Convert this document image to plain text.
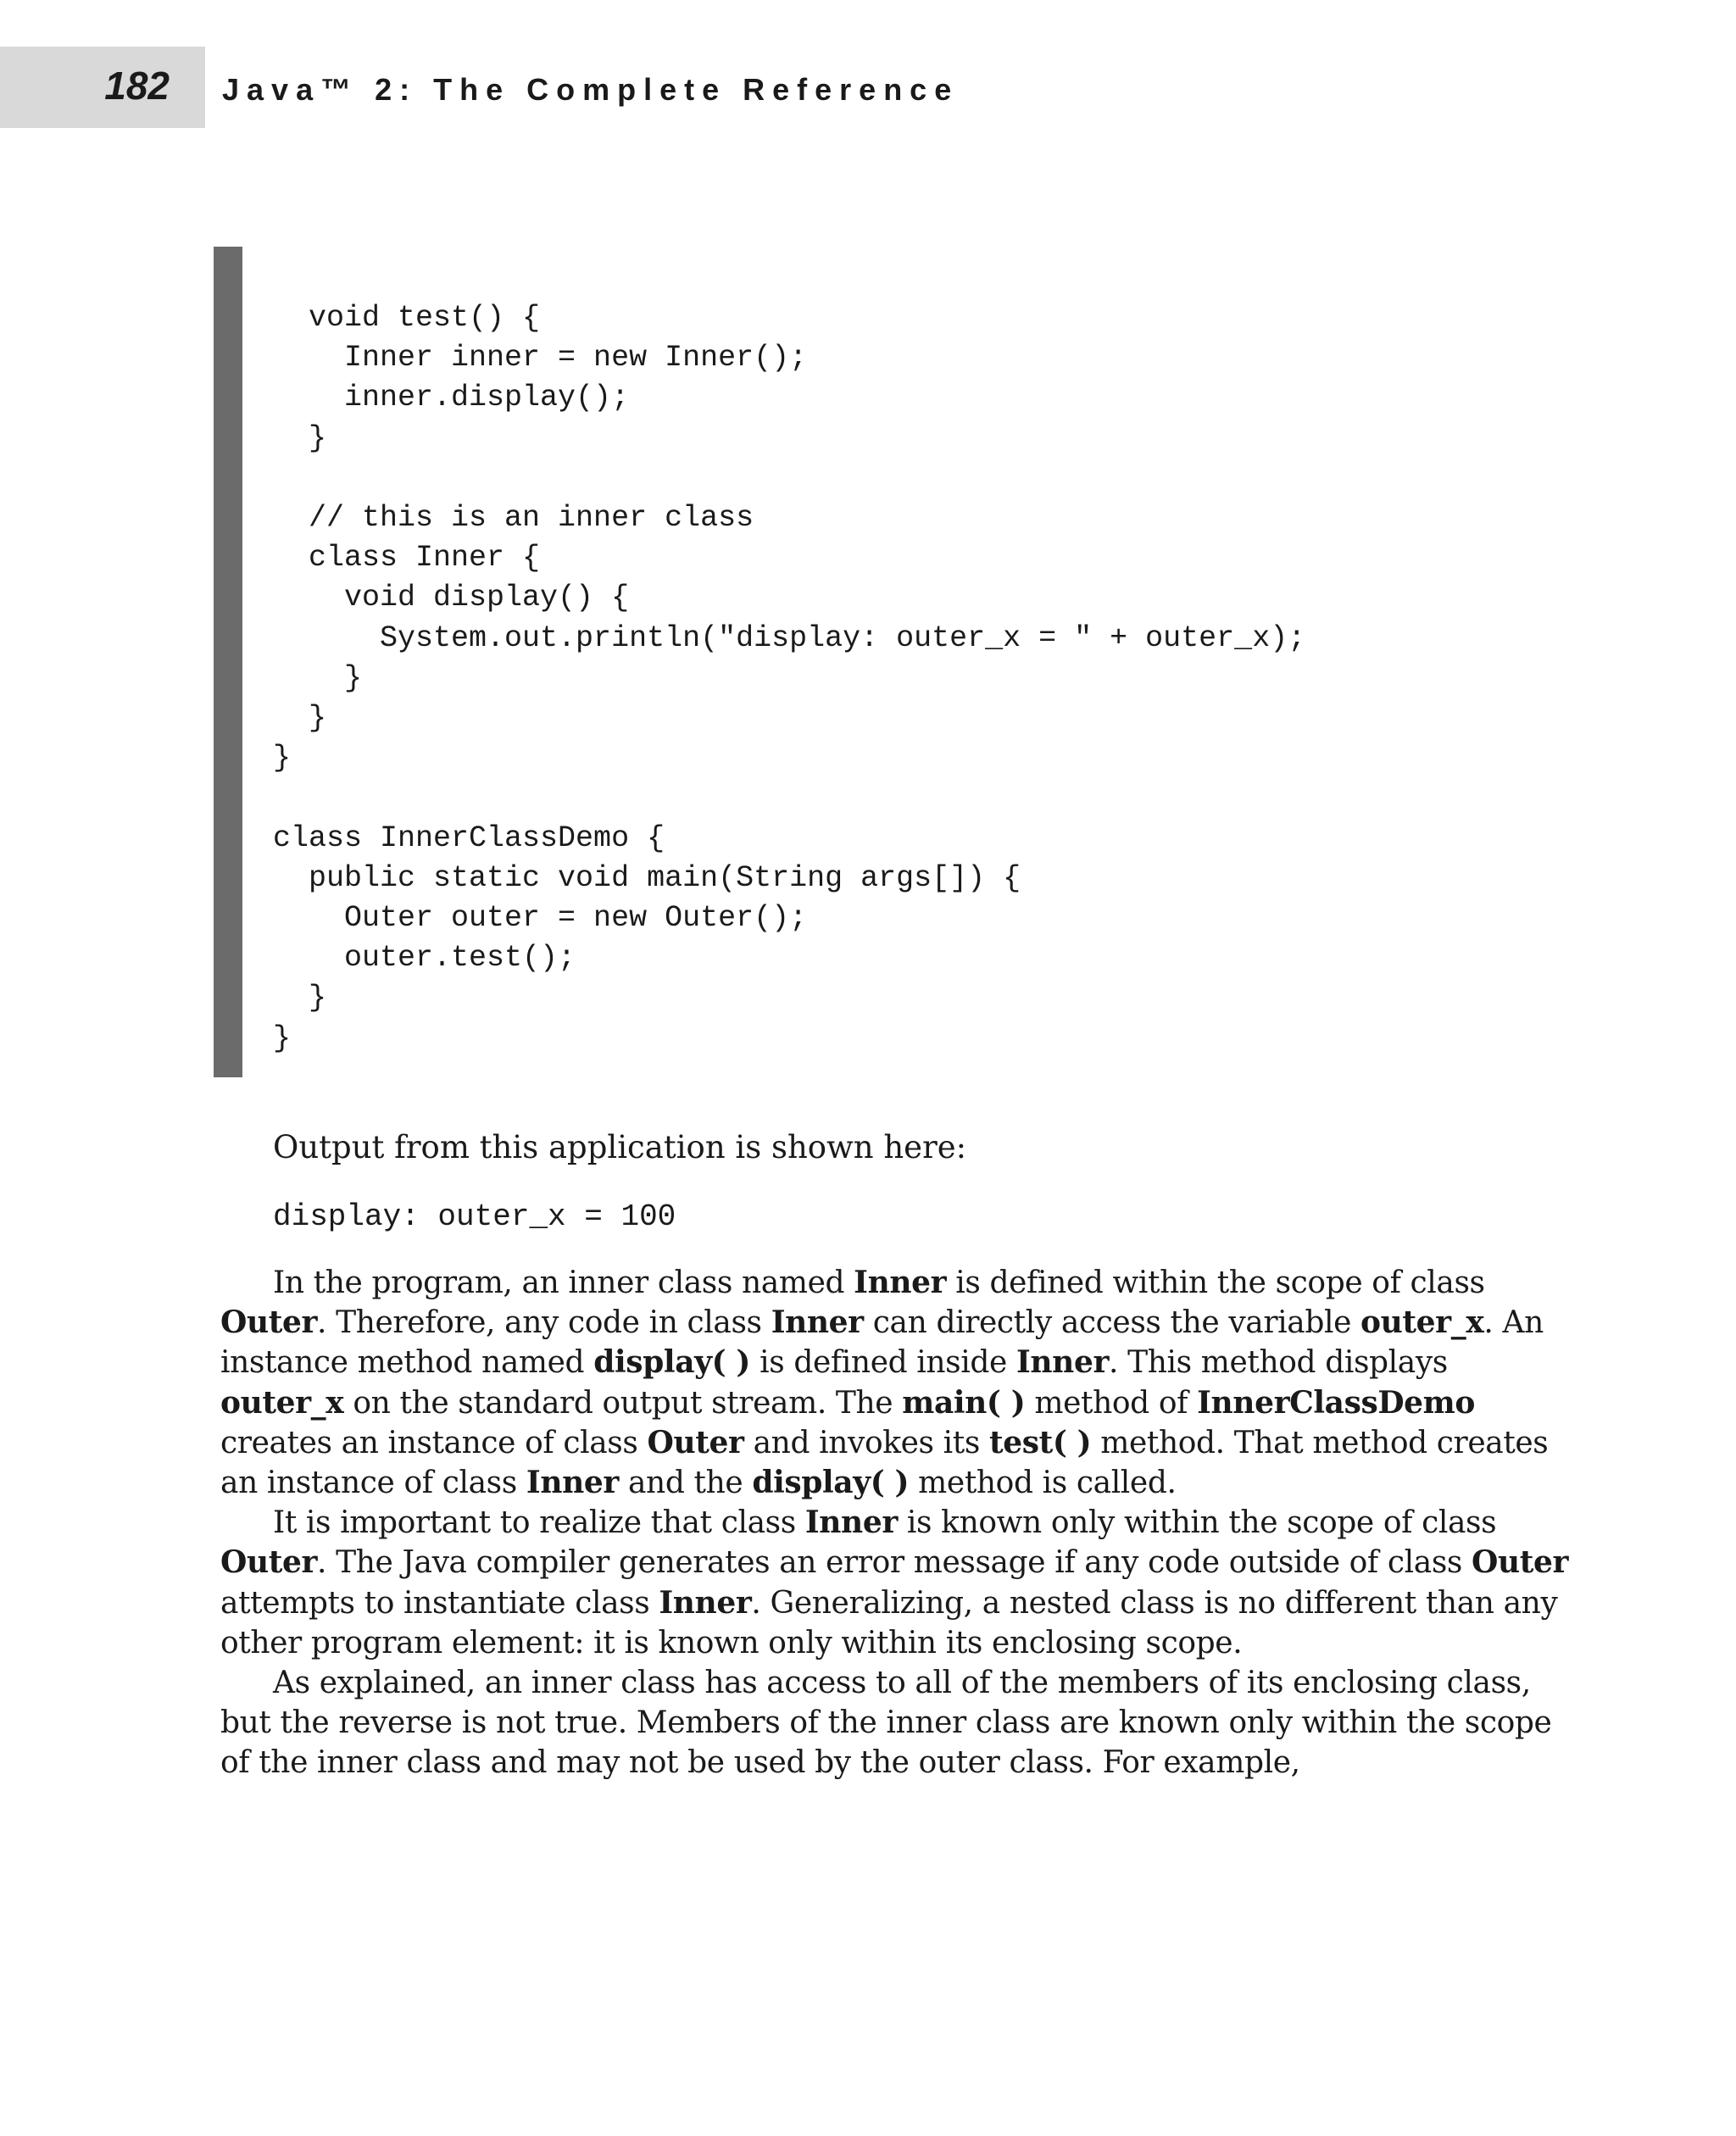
182 Java™ 2: The Complete Reference
void test() {
Inner inner = new Inner();
inner.display();
}

// this is an inner class
class Inner {
void display() {
System.out.println("display: outer_x = " + outer_x);
}
}
}

class InnerClassDemo {
public static void main(String args[]) {
Outer outer = new Outer();
outer.test();
}
}

Output from this application is shown here:

display: outer_x = 100
In the program, an inner class named Inner is defined within the scope of class
Outer. Therefore, any code in class Inner can directly access the variable outer_x. An
instance method named display( ) is defined inside Inner. This method displays
outer_x on the standard output stream. The main( ) method of InnerClassDemo
creates an instance of class Outer and invokes its test( ) method. That method creates
an instance of class Inner and the display( ) method is called.
It is important to realize that class Inner is known only within the scope of class
Outer. The Java compiler generates an error message if any code outside of class Outer
attempts to instantiate class Inner. Generalizing, a nested class is no different than any
other program element: it is known only within its enclosing scope.
As explained, an inner class has access to all of the members of its enclosing class,
but the reverse is not true. Members of the inner class are known only within the scope
of the inner class and may not be used by the outer class. For example,
